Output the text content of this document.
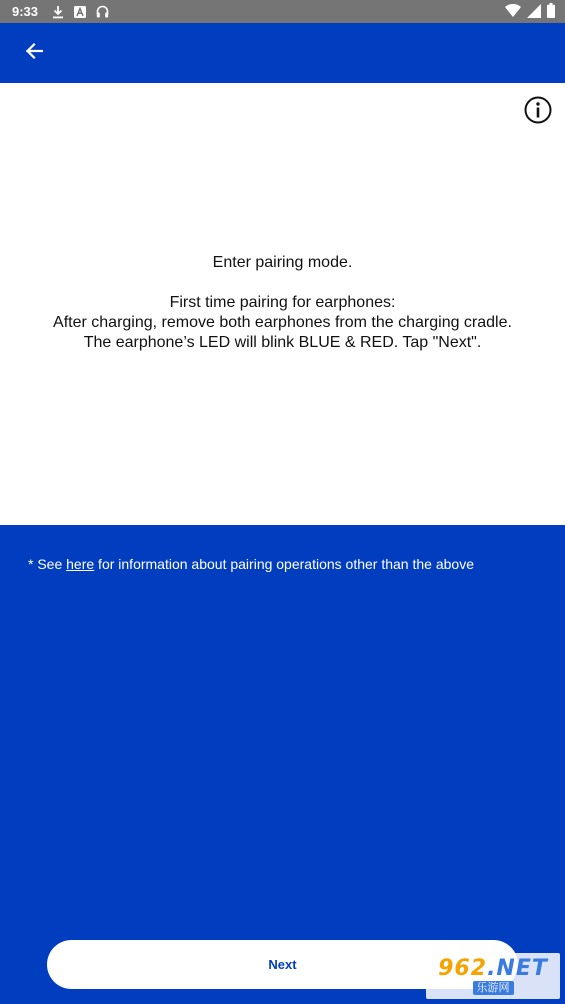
9:33
Enter pairing mode.
First time pairing for earphones:
After charging, remove both earphones from the charging cradle.
The earphone’s LED will blink BLUE & RED. Tap "Next".
* See here for information about pairing operations other than the above
Next	962.NET
乐游网
